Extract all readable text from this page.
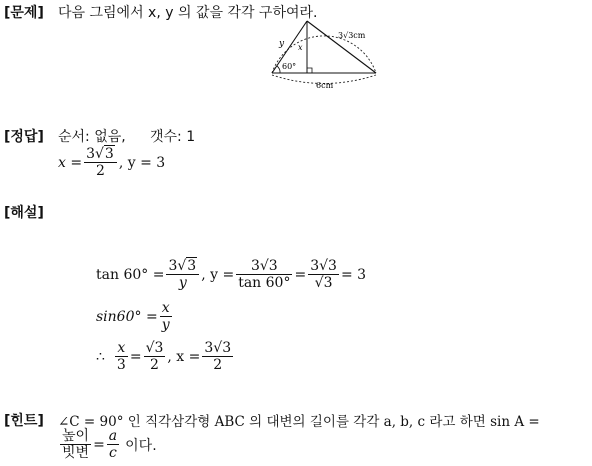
[문제] 다음 그림에서 x, y 의 값을 각각 구하여라.
y x
3√3cm
60°
6cm
[정답] 순서: 없음, 갯수: 1
$x = \frac{3√3}{2}$ , y = 3
[해설]
$\tan 60^\circ = \frac{3√3}{y}$ , $y = \frac{3√3}{\tan 60^\circ} = \frac{3√3}{√3} = 3$
$\sin 60^\circ = \frac{x}{y}$
∴ $\frac{x}{3} = \frac{√3}{2}$ , $x = \frac{3√3}{2}$
[힌트] ∠C = 90° 인 직각삼각형 ABC 의 대변의 길이를 각각 a, b, c 라고 하면 sin A =
$\frac{\text{높이}}{\text{빗변}} = \frac{a}{c}$ 이다.
